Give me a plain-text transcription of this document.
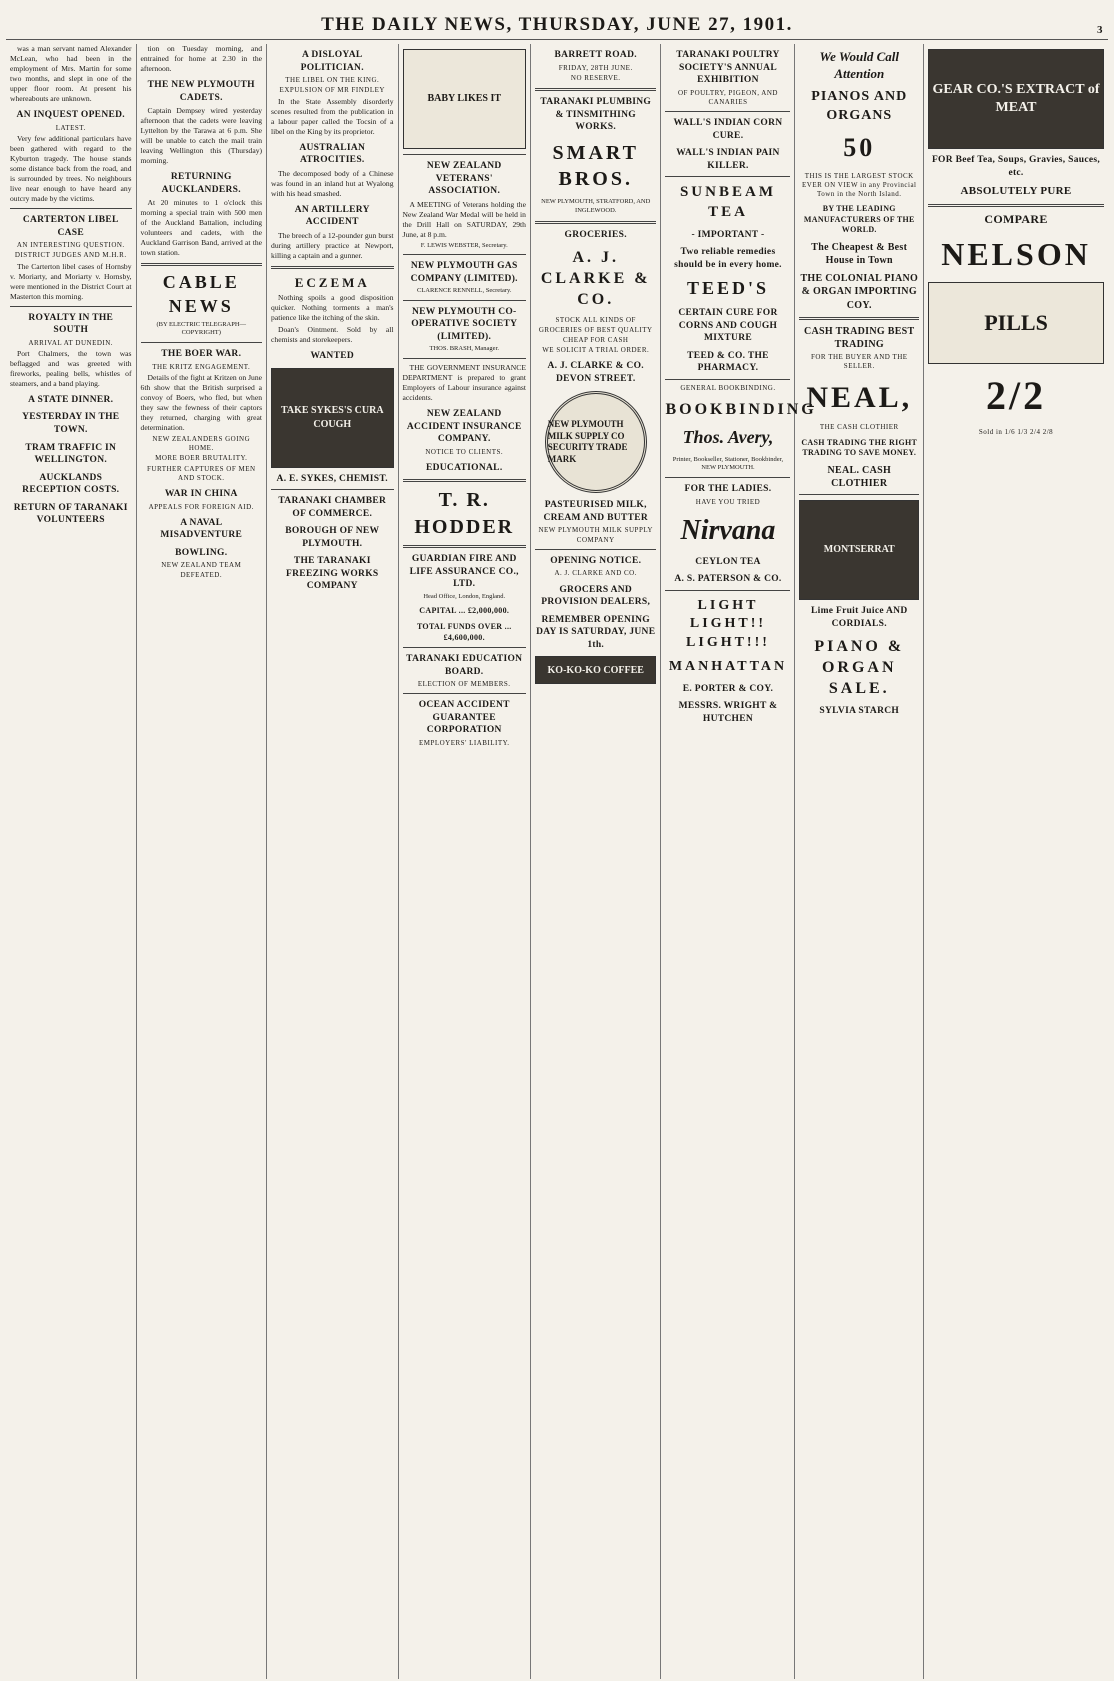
THE DAILY NEWS, THURSDAY, JUNE 27, 1901.	3

was a man servant named Alexander McLean, who had been in the employment of Mrs. Martin for some two months, and slept in one of the upper floor room. At present his whereabouts are unknown.

AN INQUEST OPENED.
LATEST.

Very few additional particulars have been gathered with regard to the Kyburton tragedy. The house stands some distance back from the road, and is surrounded by trees. No neighbours live near enough to have heard any outcry made by the victims.

CARTERTON LIBEL CASE
AN INTERESTING QUESTION.
DISTRICT JUDGES AND M.H.R.

The Carterton libel cases of Hornsby v. Moriarty, and Moriarty v. Hornsby, were mentioned in the District Court at Masterton this morning.

ROYALTY IN THE SOUTH
ARRIVAL AT DUNEDIN.

Port Chalmers, the town was beflagged and was greeted with fireworks, pealing bells, whistles of steamers, and a band playing.

A STATE DINNER.
YESTERDAY IN THE TOWN.
TRAM TRAFFIC IN WELLINGTON.
AUCKLANDS RECEPTION COSTS.
RETURN OF TARANAKI VOLUNTEERS

tion on Tuesday morning, and entrained for home at 2.30 in the afternoon.

THE NEW PLYMOUTH CADETS.

Captain Dempsey wired yesterday afternoon that the cadets were leaving Lyttelton by the Tarawa at 6 p.m. She will be unable to catch the mail train leaving Wellington this (Thursday) morning.

RETURNING AUCKLANDERS.

At 20 minutes to 1 o'clock this morning a special train with 500 men of the Auckland Battalion, including volunteers and cadets, with the Auckland Garrison Band, arrived at the town station.

CABLE NEWS
(BY ELECTRIC TELEGRAPH—COPYRIGHT)
THE BOER WAR.
THE KRITZ ENGAGEMENT.

Details of the fight at Kritzen on June 6th show that the British surprised a convoy of Boers, who fled, but when they saw the fewness of their captors they returned, charging with great determination.

NEW ZEALANDERS GOING HOME.
MORE BOER BRUTALITY.
FURTHER CAPTURES OF MEN AND STOCK.
WAR IN CHINA
APPEALS FOR FOREIGN AID.
A NAVAL MISADVENTURE
BOWLING.
NEW ZEALAND TEAM DEFEATED.
A DISLOYAL POLITICIAN.
THE LIBEL ON THE KING.
EXPULSION OF MR FINDLEY

In the State Assembly disorderly scenes resulted from the publication in a labour paper called the Tocsin of a libel on the King by its proprietor.

AUSTRALIAN ATROCITIES.

The decomposed body of a Chinese was found in an inland hut at Wyalong with his head smashed.

AN ARTILLERY ACCIDENT

The breech of a 12-pounder gun burst during artillery practice at Newport, killing a captain and a gunner.

ECZEMA

Nothing spoils a good disposition quicker. Nothing torments a man's patience like the itching of the skin.

Doan's Ointment. Sold by all chemists and storekeepers.

WANTED
TAKE SYKES'S CURA COUGH
A. E. SYKES, CHEMIST.
TARANAKI CHAMBER OF COMMERCE.
BOROUGH OF NEW PLYMOUTH.
THE TARANAKI FREEZING WORKS COMPANY
BABY LIKES IT
NEW ZEALAND VETERANS' ASSOCIATION.

A MEETING of Veterans holding the New Zealand War Medal will be held in the Drill Hall on SATURDAY, 29th June, at 8 p.m.

F. LEWIS WEBSTER, Secretary.
NEW PLYMOUTH GAS COMPANY (LIMITED).
CLARENCE RENNELL, Secretary.
NEW PLYMOUTH CO-OPERATIVE SOCIETY (LIMITED).
THOS. BRASH, Manager.

THE GOVERNMENT INSURANCE DEPARTMENT is prepared to grant Employers of Labour insurance against accidents.

NEW ZEALAND ACCIDENT INSURANCE COMPANY.
NOTICE TO CLIENTS.
EDUCATIONAL.
T. R. HODDER
GUARDIAN FIRE AND LIFE ASSURANCE CO., LTD.
Head Office, London, England.
CAPITAL ... £2,000,000.
TOTAL FUNDS OVER ... £4,600,000.
TARANAKI EDUCATION BOARD.
ELECTION OF MEMBERS.
OCEAN ACCIDENT GUARANTEE CORPORATION
EMPLOYERS' LIABILITY.
BARRETT ROAD.
FRIDAY, 28TH JUNE.
NO RESERVE.
TARANAKI PLUMBING & TINSMITHING WORKS.
SMART BROS.
NEW PLYMOUTH, STRATFORD, AND INGLEWOOD.
GROCERIES.
A. J. CLARKE & CO.
STOCK ALL KINDS OF GROCERIES OF BEST QUALITY
CHEAP FOR CASH
WE SOLICIT A TRIAL ORDER.
A. J. CLARKE & CO. DEVON STREET.
NEW PLYMOUTH MILK SUPPLY CO SECURITY TRADE MARK
PASTEURISED MILK, CREAM AND BUTTER
NEW PLYMOUTH MILK SUPPLY COMPANY
OPENING NOTICE.
A. J. CLARKE AND CO.
GROCERS AND PROVISION DEALERS,
REMEMBER OPENING DAY IS SATURDAY, JUNE 1th.
KO-KO-KO COFFEE
TARANAKI POULTRY SOCIETY'S ANNUAL EXHIBITION
OF POULTRY, PIGEON, AND CANARIES
WALL'S INDIAN CORN CURE.
WALL'S INDIAN PAIN KILLER.
SUNBEAM TEA
- IMPORTANT -
Two reliable remedies should be in every home.
TEED'S
CERTAIN CURE FOR CORNS AND COUGH MIXTURE
TEED & CO. THE PHARMACY.
GENERAL BOOKBINDING.
BOOKBINDING
Thos. Avery,
Printer, Bookseller, Stationer, Bookbinder, NEW PLYMOUTH.
FOR THE LADIES.
HAVE YOU TRIED
Nirvana
CEYLON TEA
A. S. PATERSON & CO.
LIGHT LIGHT!! LIGHT!!!
MANHATTAN
E. PORTER & COY.
MESSRS. WRIGHT & HUTCHEN
We Would Call Attention
PIANOS AND ORGANS
50
THIS IS THE LARGEST STOCK EVER ON VIEW in any Provincial Town in the North Island.
BY THE LEADING MANUFACTURERS OF THE WORLD.
The Cheapest & Best House in Town
THE COLONIAL PIANO & ORGAN IMPORTING COY.
CASH TRADING BEST TRADING
FOR THE BUYER AND THE SELLER.
NEAL,
THE CASH CLOTHIER
CASH TRADING THE RIGHT TRADING TO SAVE MONEY.
NEAL. CASH CLOTHIER
MONTSERRAT
Lime Fruit Juice AND CORDIALS.
PIANO & ORGAN SALE.
SYLVIA STARCH
GEAR CO.'S EXTRACT of MEAT
FOR Beef Tea, Soups, Gravies, Sauces, etc.
ABSOLUTELY PURE
COMPARE
NELSON
PILLS
2/2
Sold in 1/6 1/3 2/4 2/8
